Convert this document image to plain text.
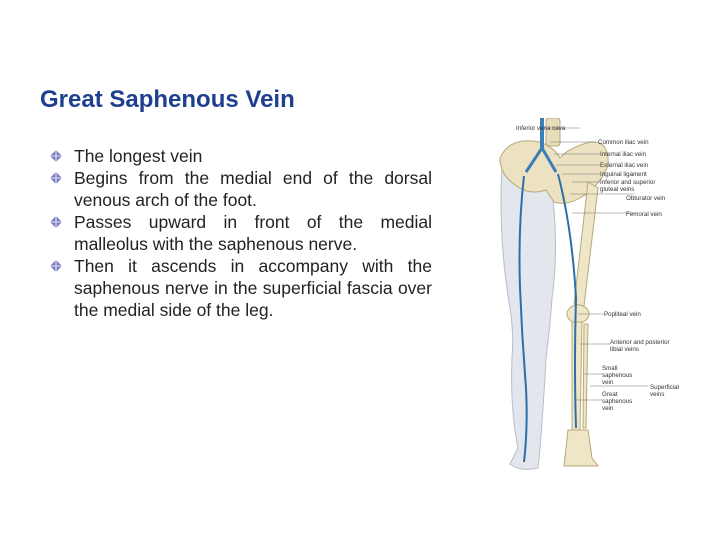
Great Saphenous Vein
The longest vein
Begins from the medial end of the dorsal venous arch of the foot.
Passes upward in front of the medial malleolus with the saphenous nerve.
Then it ascends in accompany with the saphenous nerve in the superficial fascia over the medial side of the leg.
Inferior vena cava
Common iliac vein
Internal iliac vein
External iliac vein
Inguinal ligament
Inferior and superior
gluteal veins
Obturator vein
Femoral vein
Popliteal vein
Anterior and posterior
tibial veins
Small
saphenous
vein
Great
saphenous
vein
Superficial
veins
